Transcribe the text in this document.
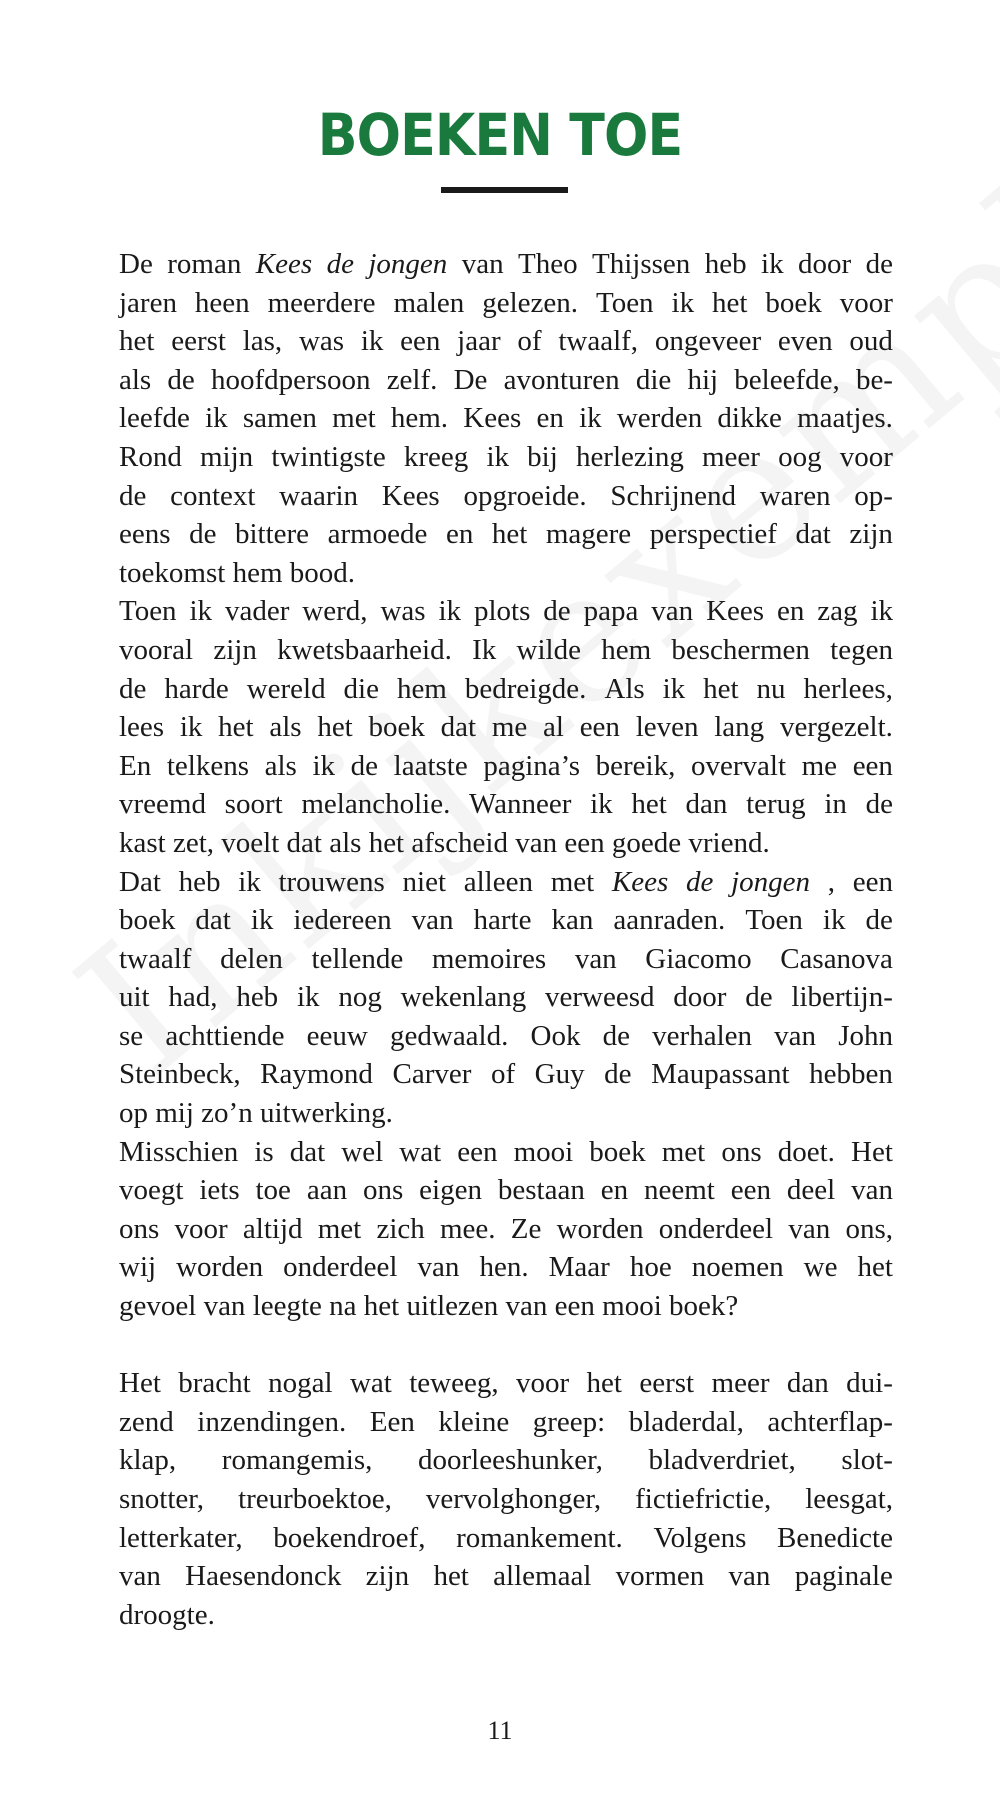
BOEKEN TOE
De roman Kees de jongen van Theo Thijssen heb ik door de
jaren heen meerdere malen gelezen. Toen ik het boek voor
het eerst las, was ik een jaar of twaalf, ongeveer even oud
als de hoofdpersoon zelf. De avonturen die hij beleefde, be-
leefde ik samen met hem. Kees en ik werden dikke maatjes.
Rond mijn twintigste kreeg ik bij herlezing meer oog voor
de context waarin Kees opgroeide. Schrijnend waren op-
eens de bittere armoede en het magere perspectief dat zijn
toekomst hem bood.
Toen ik vader werd, was ik plots de papa van Kees en zag ik
vooral zijn kwetsbaarheid. Ik wilde hem beschermen tegen
de harde wereld die hem bedreigde. Als ik het nu herlees,
lees ik het als het boek dat me al een leven lang vergezelt.
En telkens als ik de laatste pagina’s bereik, overvalt me een
vreemd soort melancholie. Wanneer ik het dan terug in de
kast zet, voelt dat als het afscheid van een goede vriend.
Dat heb ik trouwens niet alleen met Kees de jongen , een
boek dat ik iedereen van harte kan aanraden. Toen ik de
twaalf delen tellende memoires van Giacomo Casanova
uit had, heb ik nog wekenlang verweesd door de libertijn-
se achttiende eeuw gedwaald. Ook de verhalen van John
Steinbeck, Raymond Carver of Guy de Maupassant hebben
op mij zo’n uitwerking.
Misschien is dat wel wat een mooi boek met ons doet. Het
voegt iets toe aan ons eigen bestaan en neemt een deel van
ons voor altijd met zich mee. Ze worden onderdeel van ons,
wij worden onderdeel van hen. Maar hoe noemen we het
gevoel van leegte na het uitlezen van een mooi boek?
Het bracht nogal wat teweeg, voor het eerst meer dan dui-
zend inzendingen. Een kleine greep: bladerdal, achterflap-
klap, romangemis, doorleeshunker, bladverdriet, slot-
snotter, treurboektoe, vervolghonger, fictiefrictie, leesgat,
letterkater, boekendroef, romankement. Volgens Benedicte
van Haesendonck zijn het allemaal vormen van paginale
droogte.
11
